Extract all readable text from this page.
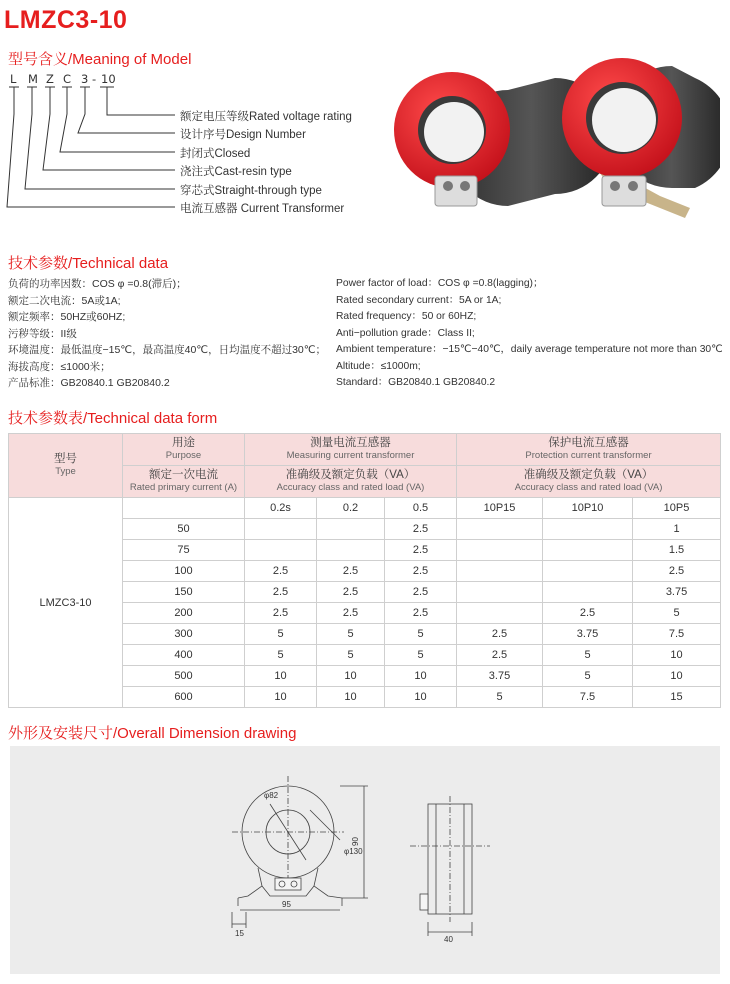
LMZC3-10
型号含义/Meaning of Model
L M Z C 3 - 10
额定电压等级Rated voltage rating
设计序号Design Number
封闭式Closed
浇注式Cast-resin type
穿芯式Straight-through type
电流互感器 Current Transformer
技术参数/Technical data
负荷的功率因数：COS φ =0.8(滞后)；
额定二次电流：5A或1A;
额定频率：50HZ或60HZ;
污秽等级：II级
环境温度：最低温度−15℃，最高温度40℃，日均温度不超过30℃；
海拔高度：≤1000米；
产品标准：GB20840.1 GB20840.2
Power factor of load：COS φ =0.8(lagging)；
Rated secondary current：5A or 1A;
Rated frequency：50 or 60HZ;
Anti−pollution grade：Class II;
Ambient temperature：−15℃−40℃，daily average temperature not more than 30℃
Altitude：≤1000m;
Standard：GB20840.1 GB20840.2
技术参数表/Technical data form
型号
Type	用途
Purpose	测量电流互感器
Measuring current transformer			保护电流互感器
Protection current transformer		

	额定一次电流
Rated primary current (A)	准确级及额定负载（VA）
Accuracy class and rated load (VA)			准确级及额定负载（VA）
Accuracy class and rated load (VA)		

LMZC3-10		0.2s	0.2	0.5	10P15	10P10	10P5
	50			2.5			1
	75			2.5			1.5
	100	2.5	2.5	2.5			2.5
	150	2.5	2.5	2.5			3.75
	200	2.5	2.5	2.5		2.5	5
	300	5	5	5	2.5	3.75	7.5
	400	5	5	5	2.5	5	10
	500	10	10	10	3.75	5	10
	600	10	10	10	5	7.5	15
外形及安装尺寸/Overall Dimension drawing
φ82
φ130
90
95
15
40
